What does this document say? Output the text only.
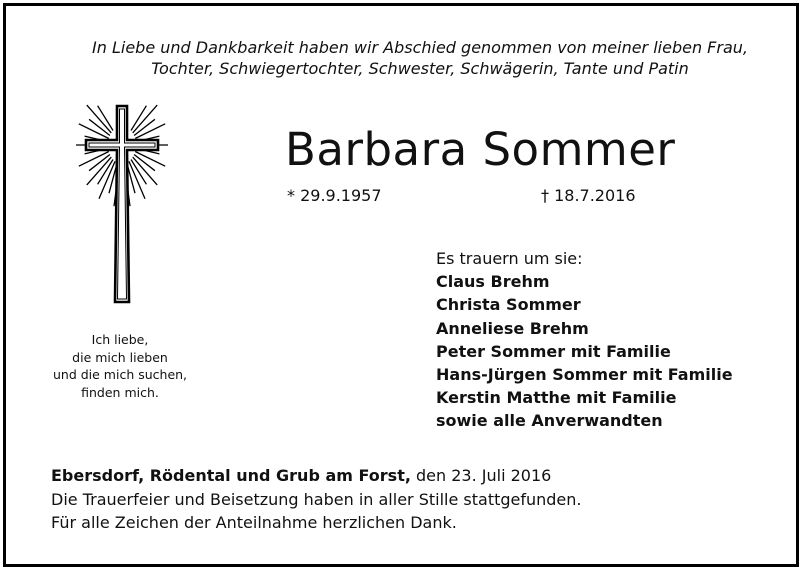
In Liebe und Dankbarkeit haben wir Abschied genommen von meiner lieben Frau,
Tochter, Schwiegertochter, Schwester, Schwägerin, Tante und Patin
Ich liebe,
die mich lieben
und die mich suchen,
finden mich.
Barbara Sommer
* 29.9.1957	† 18.7.2016
Es trauern um sie:
Claus Brehm
Christa Sommer
Anneliese Brehm
Peter Sommer mit Familie
Hans-Jürgen Sommer mit Familie
Kerstin Matthe mit Familie
sowie alle Anverwandten
Ebersdorf, Rödental und Grub am Forst, den 23. Juli 2016
Die Trauerfeier und Beisetzung haben in aller Stille stattgefunden.
Für alle Zeichen der Anteilnahme herzlichen Dank.
